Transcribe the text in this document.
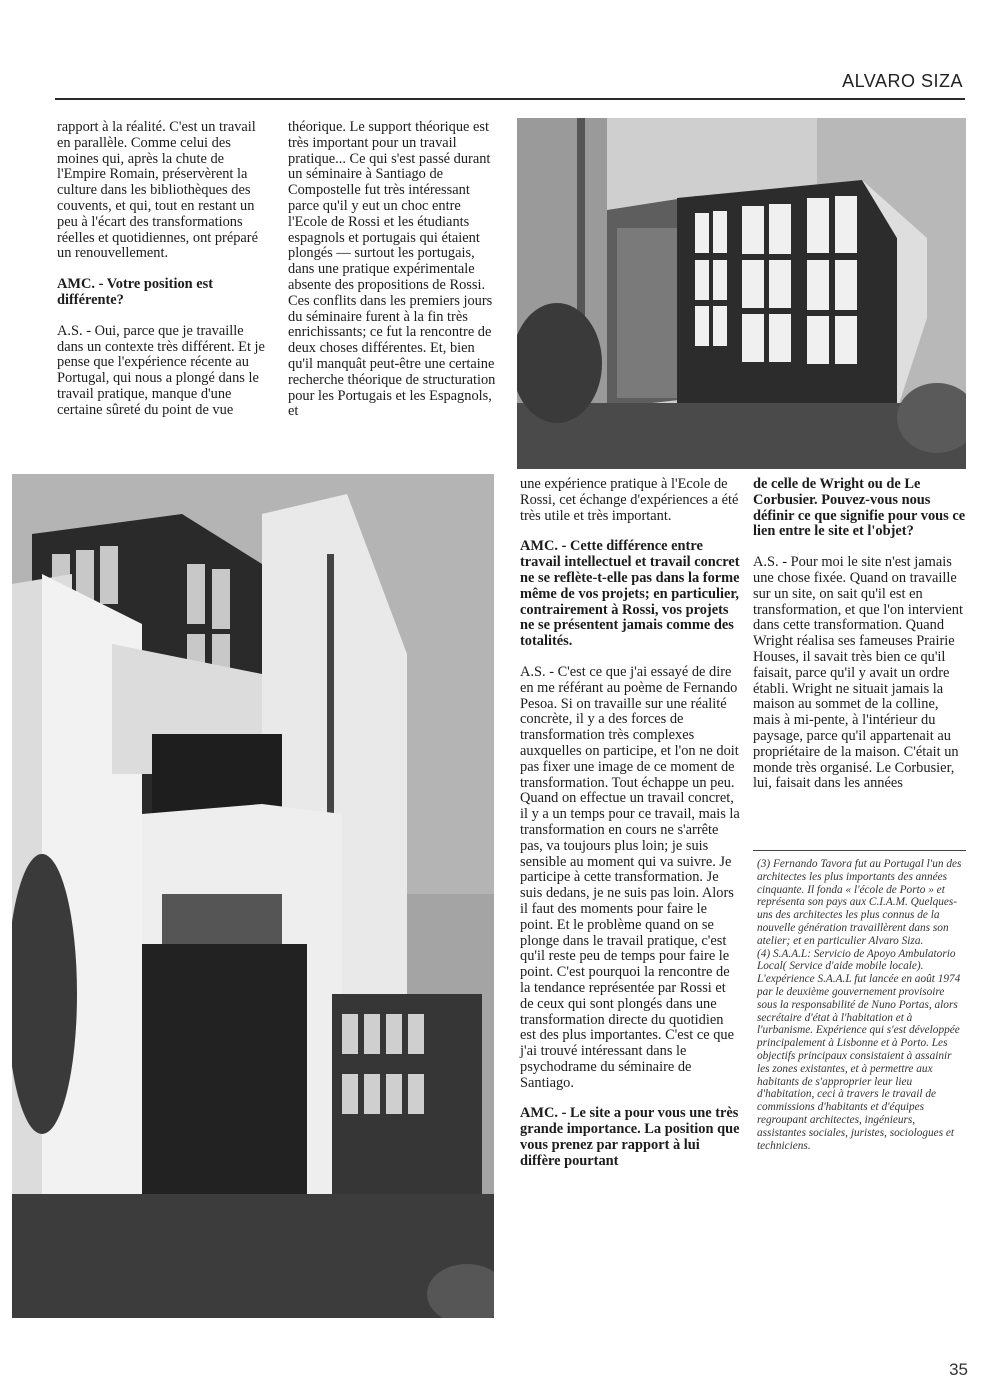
ALVARO SIZA

rapport à la réalité. C'est un travail en parallèle. Comme celui des moines qui, après la chute de l'Empire Romain, préservèrent la culture dans les bibliothèques des couvents, et qui, tout en restant un peu à l'écart des transformations réelles et quotidiennes, ont préparé un renouvellement.

AMC. - Votre position est différente?

A.S. - Oui, parce que je travaille dans un contexte très différent. Et je pense que l'expérience récente au Portugal, qui nous a plongé dans le travail pratique, manque d'une certaine sûreté du point de vue

théorique. Le support théorique est très important pour un travail pratique... Ce qui s'est passé durant un séminaire à Santiago de Compostelle fut très intéressant parce qu'il y eut un choc entre l'Ecole de Rossi et les étudiants espagnols et portugais qui étaient plongés — surtout les portugais, dans une pratique expérimentale absente des propositions de Rossi. Ces conflits dans les premiers jours du séminaire furent à la fin très enrichissants; ce fut la rencontre de deux choses différentes. Et, bien qu'il manquât peut-être une certaine recherche théorique de structuration pour les Portugais et les Espagnols, et

une expérience pratique à l'Ecole de Rossi, cet échange d'expériences a été très utile et très important.

AMC. - Cette différence entre travail intellectuel et travail concret ne se reflète-t-elle pas dans la forme même de vos projets; en particulier, contrairement à Rossi, vos projets ne se présentent jamais comme des totalités.

A.S. - C'est ce que j'ai essayé de dire en me référant au poème de Fernando Pesoa. Si on travaille sur une réalité concrète, il y a des forces de transformation très complexes auxquelles on participe, et l'on ne doit pas fixer une image de ce moment de transformation. Tout échappe un peu. Quand on effectue un travail concret, il y a un temps pour ce travail, mais la transformation en cours ne s'arrête pas, va toujours plus loin; je suis sensible au moment qui va suivre. Je participe à cette transformation. Je suis dedans, je ne suis pas loin. Alors il faut des moments pour faire le point. Et le problème quand on se plonge dans le travail pratique, c'est qu'il reste peu de temps pour faire le point. C'est pourquoi la rencontre de la tendance représentée par Rossi et de ceux qui sont plongés dans une transformation directe du quotidien est des plus importantes. C'est ce que j'ai trouvé intéressant dans le psychodrame du séminaire de Santiago.

AMC. - Le site a pour vous une très grande importance. La position que vous prenez par rapport à lui diffère pourtant

de celle de Wright ou de Le Corbusier. Pouvez-vous nous définir ce que signifie pour vous ce lien entre le site et l'objet?

A.S. - Pour moi le site n'est jamais une chose fixée. Quand on travaille sur un site, on sait qu'il est en transformation, et que l'on intervient dans cette transformation. Quand Wright réalisa ses fameuses Prairie Houses, il savait très bien ce qu'il faisait, parce qu'il y avait un ordre établi. Wright ne situait jamais la maison au sommet de la colline, mais à mi-pente, à l'intérieur du paysage, parce qu'il appartenait au propriétaire de la maison. C'était un monde très organisé. Le Corbusier, lui, faisait dans les années

(3) Fernando Tavora fut au Portugal l'un des architectes les plus importants des années cinquante. Il fonda « l'école de Porto » et représenta son pays aux C.I.A.M. Quelques-uns des architectes les plus connus de la nouvelle génération travaillèrent dans son atelier; et en particulier Alvaro Siza.

(4) S.A.A.L: Servicio de Apoyo Ambulatorio Local( Service d'aide mobile locale).

L'expérience S.A.A.L fut lancée en août 1974 par le deuxième gouvernement provisoire sous la responsabilité de Nuno Portas, alors secrétaire d'état à l'habitation et à l'urbanisme. Expérience qui s'est développée principalement à Lisbonne et à Porto. Les objectifs principaux consistaient à assainir les zones existantes, et à permettre aux habitants de s'approprier leur lieu d'habitation, ceci à travers le travail de commissions d'habitants et d'équipes regroupant architectes, ingénieurs, assistantes sociales, juristes, sociologues et techniciens.

35
